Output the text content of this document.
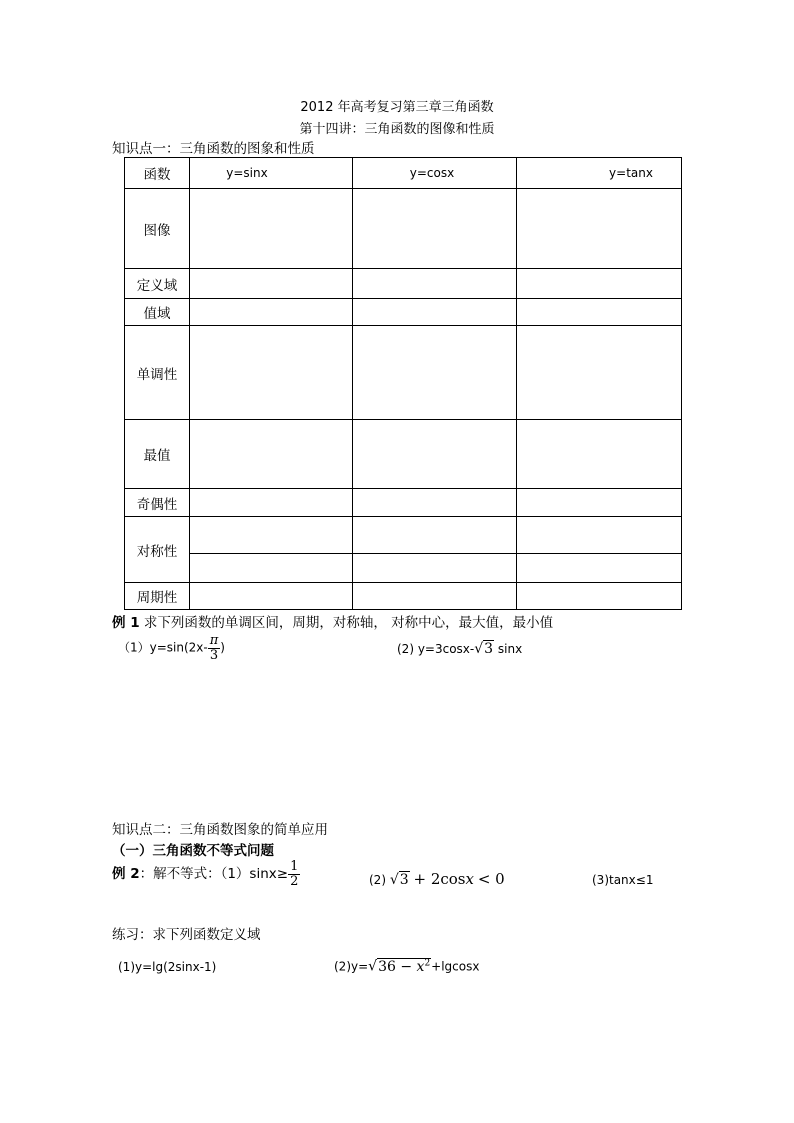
2012 年高考复习第三章三角函数
第十四讲：三角函数的图像和性质
知识点一：三角函数的图象和性质
函数	y=sinx	y=cosx	y=tanx
图像			
定义域			
值域			
单调性			
最值			
奇偶性			
对称性			

周期性			
例 1 求下列函数的单调区间，周期，对称轴， 对称中心，最大值，最小值
$(1)y=\sin(2x- \frac{\pi}{3}$ )	(2) y=3cosx-√3 sinx
知识点二：三角函数图象的简单应用
（一）三角函数不等式问题
例 2：解不等式：$(1)\sin x\ge \frac{1}{2}$	(2) √3 + 2cosx < 0	(3)tanx≤1
练习：求下列函数定义域
(1)y=lg(2sinx-1)	$(2)y=√36 - x^2+lgcosx$
